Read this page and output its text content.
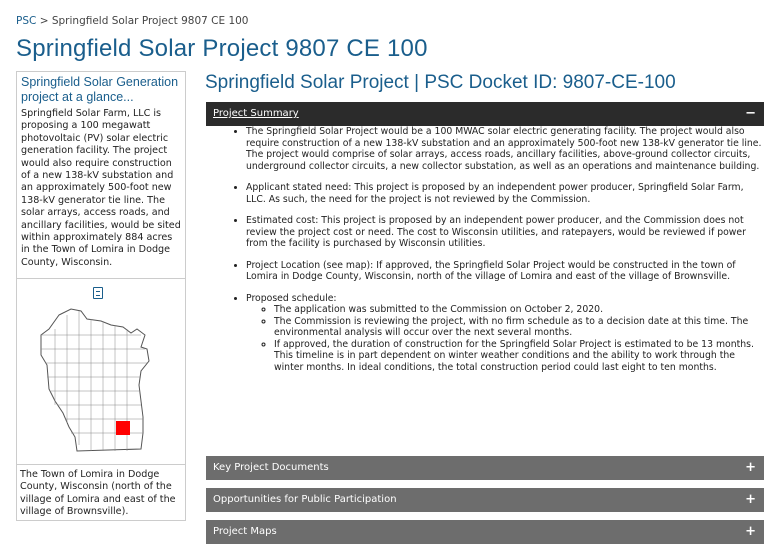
PSC > Springfield Solar Project 9807 CE 100
Springfield Solar Project 9807 CE 100
Springfield Solar Generation project at a glance...
Springfield Solar Farm, LLC is proposing a 100 megawatt photovoltaic (PV) solar electric generation facility. The project would also require construction of a new 138-kV substation and an approximately 500-foot new 138-kV generator tie line. The solar arrays, access roads, and ancillary facilities, would be sited within approximately 884 acres in the Town of Lomira in Dodge County, Wisconsin.
The Town of Lomira in Dodge County, Wisconsin (north of the village of Lomira and east of the village of Brownsville).
Springfield Solar Project | PSC Docket ID: 9807-CE-100
Project Summary	−
• The Springfield Solar Project would be a 100 MWAC solar electric generating facility. The project would also require construction of a new 138-kV substation and an approximately 500-foot new 138-kV generator tie line. The project would comprise of solar arrays, access roads, ancillary facilities, above-ground collector circuits, underground collector circuits, a new collector substation, as well as an operations and maintenance building.
• Applicant stated need: This project is proposed by an independent power producer, Springfield Solar Farm, LLC. As such, the need for the project is not reviewed by the Commission.
• Estimated cost: This project is proposed by an independent power producer, and the Commission does not review the project cost or need. The cost to Wisconsin utilities, and ratepayers, would be reviewed if power from the facility is purchased by Wisconsin utilities.
• Project Location (see map): If approved, the Springfield Solar Project would be constructed in the town of Lomira in Dodge County, Wisconsin, north of the village of Lomira and east of the village of Brownsville.
• Proposed schedule:
◦ The application was submitted to the Commission on October 2, 2020.
◦ The Commission is reviewing the project, with no firm schedule as to a decision date at this time. The environmental analysis will occur over the next several months.
◦ If approved, the duration of construction for the Springfield Solar Project is estimated to be 13 months. This timeline is in part dependent on winter weather conditions and the ability to work through the winter months. In ideal conditions, the total construction period could last eight to ten months.
Key Project Documents	+
Opportunities for Public Participation	+
Project Maps	+
